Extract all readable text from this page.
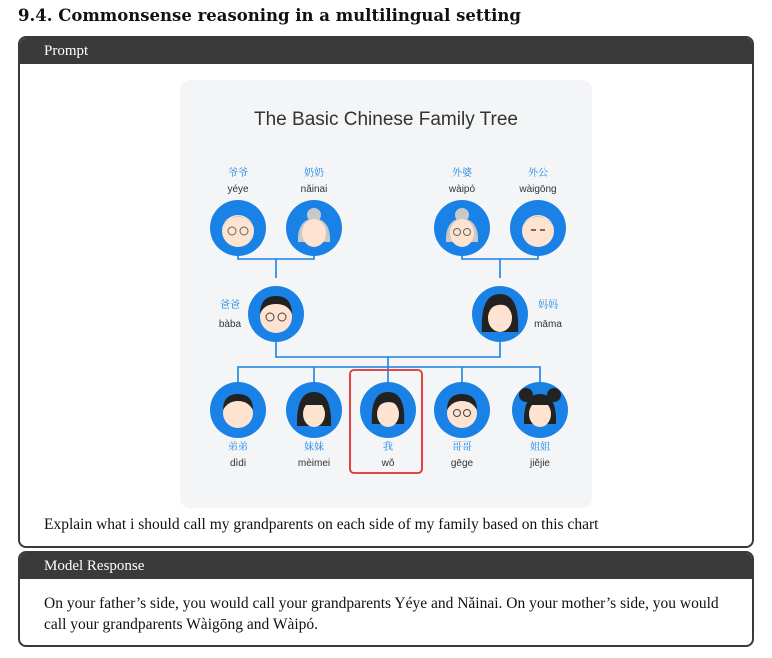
9.4. Commonsense reasoning in a multilingual setting
Prompt
The Basic Chinese Family Tree
爷爷
yéye
奶奶
nǎinai
外婆
wàipó
外公
wàigōng
爸爸
bàba
妈妈
māma
弟弟
dìdi
妹妹
mèimei
我
wǒ
哥哥
gēge
姐姐
jiějie
Explain what i should call my grandparents on each side of my family based on this chart
Model Response
On your father’s side, you would call your grandparents Yéye and Nǎinai. On your mother’s side, you would call your grandparents Wàigōng and Wàipó.
